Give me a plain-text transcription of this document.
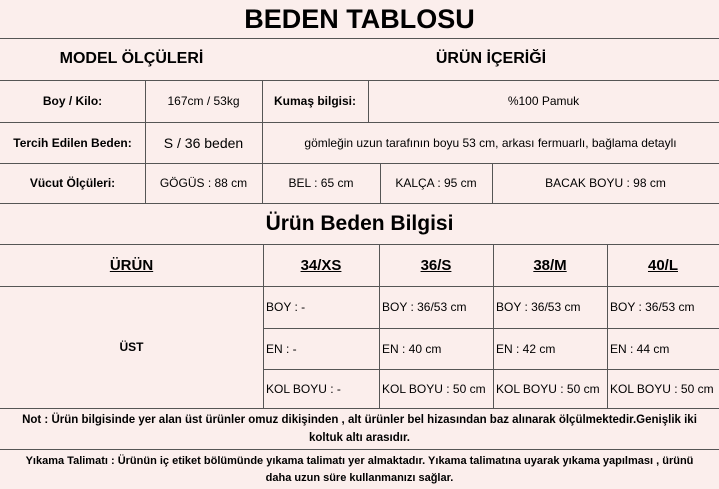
BEDEN TABLOSU
MODEL ÖLÇÜLERİ	ÜRÜN İÇERİĞİ
Boy / Kilo:	167cm / 53kg	Kumaş bilgisi:	%100 Pamuk
Tercih Edilen Beden:	S / 36 beden	gömleğin uzun tarafının boyu 53 cm, arkası fermuarlı, bağlama detaylı
Vücut Ölçüleri:	GÖGÜS : 88 cm	BEL : 65 cm	KALÇA : 95 cm	BACAK BOYU : 98 cm
Ürün Beden Bilgisi
ÜRÜN	34/XS	36/S	38/M	40/L
ÜST
BOY : -	BOY : 36/53 cm	BOY : 36/53 cm	BOY : 36/53 cm
EN : -	EN : 40 cm	EN : 42 cm	EN : 44 cm
KOL BOYU : -	KOL BOYU : 50 cm KOL BOYU : 50 cm KOL BOYU : 50 cm
Not : Ürün bilgisinde yer alan üst ürünler omuz dikişinden , alt ürünler bel hizasından baz alınarak ölçülmektedir.Genişlik iki
koltuk altı arasıdır.
Yıkama Talimatı : Ürünün iç etiket bölümünde yıkama talimatı yer almaktadır. Yıkama talimatına uyarak yıkama yapılması , ürünü
daha uzun süre kullanmanızı sağlar.
